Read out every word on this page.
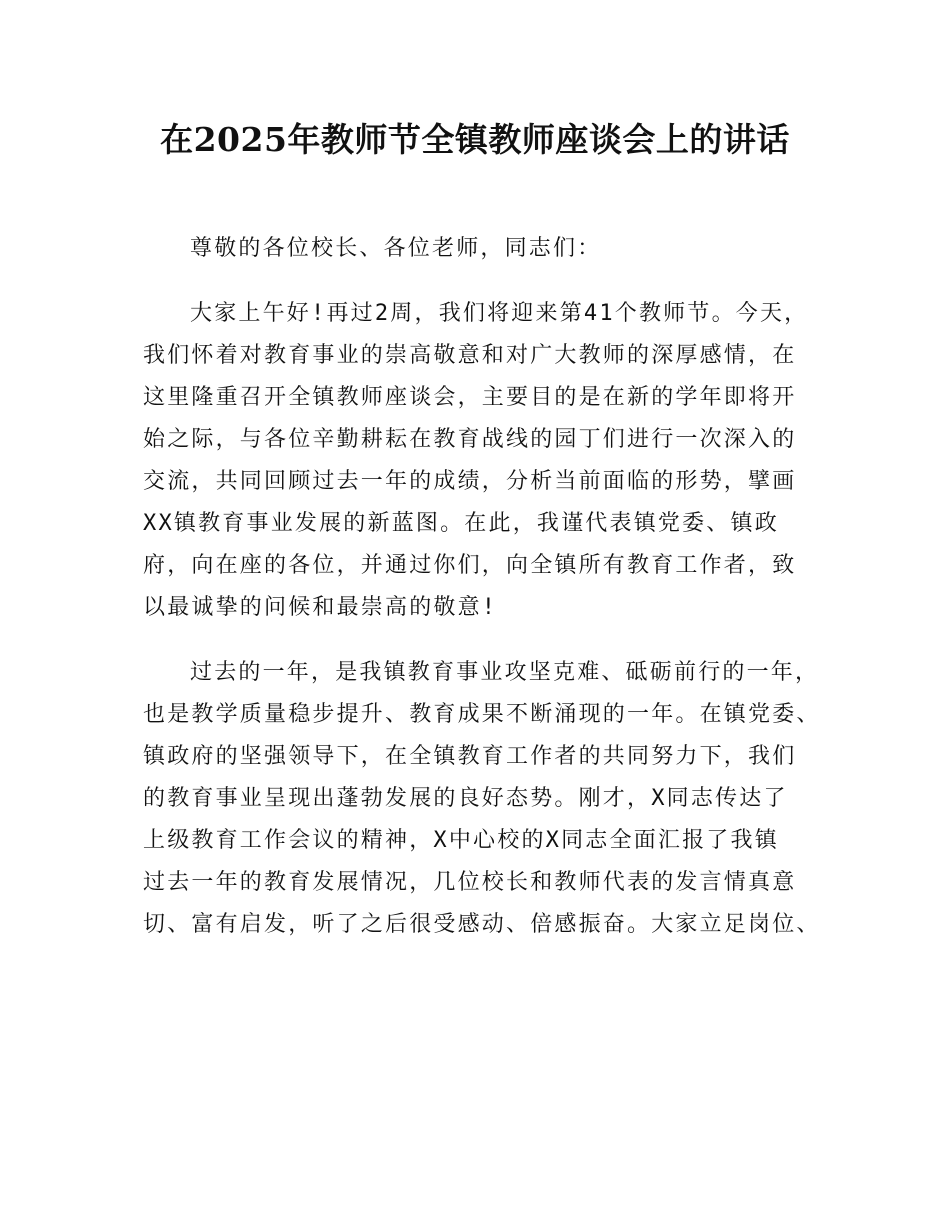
在2025年教师节全镇教师座谈会上的讲话

尊敬的各位校长、各位老师，同志们：

大家上午好!再过2周，我们将迎来第41个教师节。今天，
我们怀着对教育事业的崇高敬意和对广大教师的深厚感情，在
这里隆重召开全镇教师座谈会，主要目的是在新的学年即将开
始之际，与各位辛勤耕耘在教育战线的园丁们进行一次深入的
交流，共同回顾过去一年的成绩，分析当前面临的形势，擘画
XX镇教育事业发展的新蓝图。在此，我谨代表镇党委、镇政
府，向在座的各位，并通过你们，向全镇所有教育工作者，致
以最诚挚的问候和最崇高的敬意!

过去的一年，是我镇教育事业攻坚克难、砥砺前行的一年，
也是教学质量稳步提升、教育成果不断涌现的一年。在镇党委、
镇政府的坚强领导下，在全镇教育工作者的共同努力下，我们
的教育事业呈现出蓬勃发展的良好态势。刚才，X同志传达了
上级教育工作会议的精神，X中心校的X同志全面汇报了我镇
过去一年的教育发展情况，几位校长和教师代表的发言情真意
切、富有启发，听了之后很受感动、倍感振奋。大家立足岗位、
